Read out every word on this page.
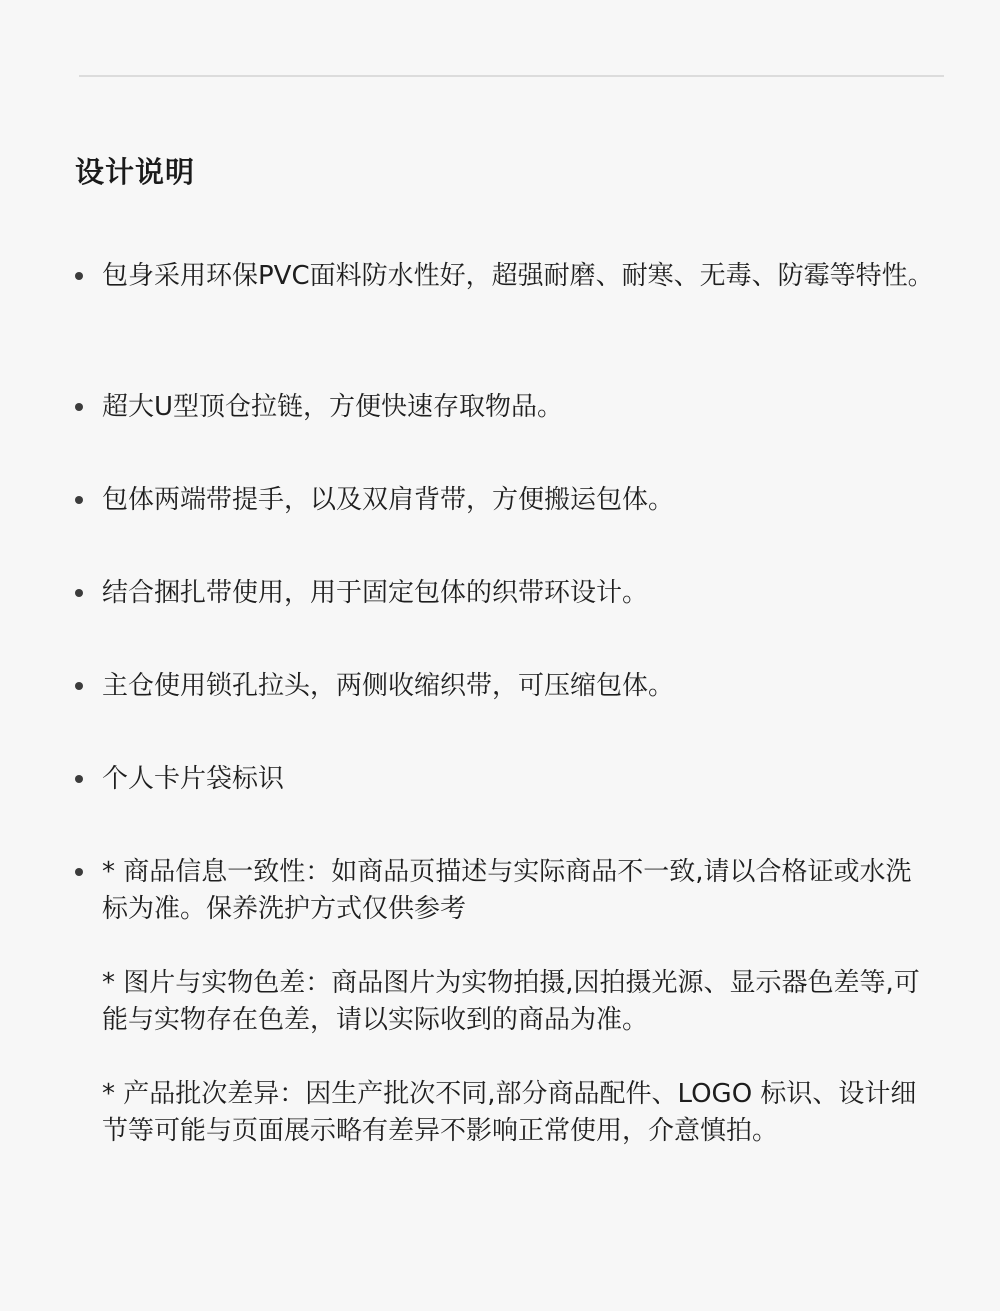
设计说明
包身采用环保PVC面料防水性好，超强耐磨、耐寒、无毒、防霉等特性。
超大U型顶仓拉链，方便快速存取物品。
包体两端带提手，以及双肩背带，方便搬运包体。
结合捆扎带使用，用于固定包体的织带环设计。
主仓使用锁孔拉头，两侧收缩织带，可压缩包体。
个人卡片袋标识
* 商品信息一致性：如商品页描述与实际商品不一致,请以合格证或水洗标为准。保养洗护方式仅供参考
* 图片与实物色差：商品图片为实物拍摄,因拍摄光源、显示器色差等,可能与实物存在色差，请以实际收到的商品为准。
* 产品批次差异：因生产批次不同,部分商品配件、LOGO 标识、设计细节等可能与页面展示略有差异不影响正常使用，介意慎拍。
